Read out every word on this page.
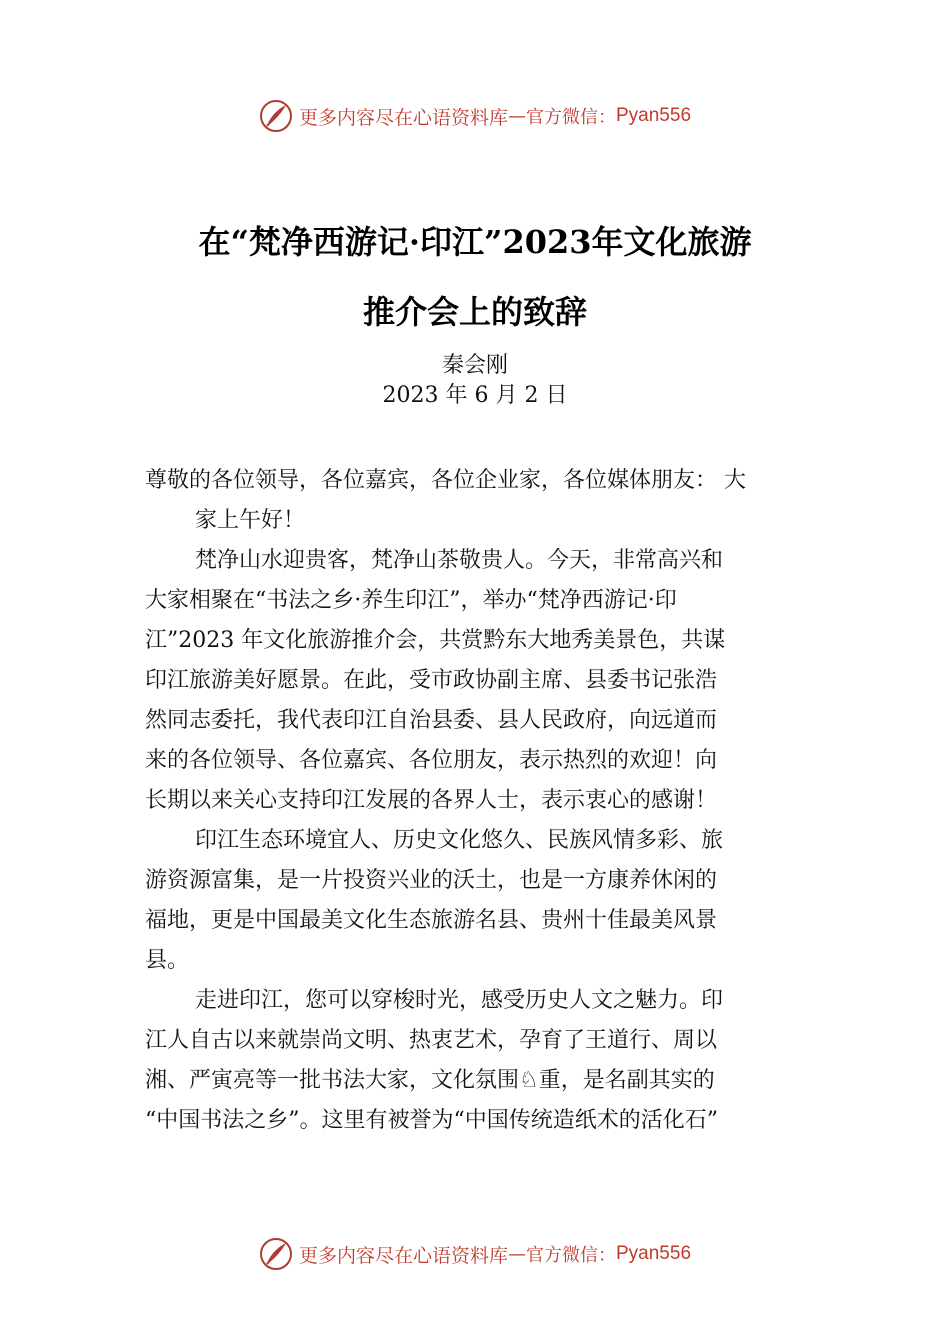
更多内容尽在心语资料库 — 官方微信： Pyan556
在“梵净西游记·印江”2023年文化旅游
推介会上的致辞
秦会刚
2023 年 6 月 2 日
尊敬的各位领导，各位嘉宾，各位企业家，各位媒体朋友： 大
家上午好！
梵净山水迎贵客，梵净山茶敬贵人。今天，非常高兴和
大家相聚在“书法之乡·养生印江”，举办“梵净西游记·印
江”2023 年文化旅游推介会，共赏黔东大地秀美景色，共谋
印江旅游美好愿景。在此，受市政协副主席、县委书记张浩
然同志委托，我代表印江自治县委、县人民政府，向远道而
来的各位领导、各位嘉宾、各位朋友，表示热烈的欢迎！向
长期以来关心支持印江发展的各界人士，表示衷心的感谢！
印江生态环境宜人、历史文化悠久、民族风情多彩、旅
游资源富集，是一片投资兴业的沃土，也是一方康养休闲的
福地，更是中国最美文化生态旅游名县、贵州十佳最美风景
县。
走进印江，您可以穿梭时光，感受历史人文之魅力。印
江人自古以来就崇尚文明、热衷艺术，孕育了王道行、周以
湘、严寅亮等一批书法大家，文化氛围♘重，是名副其实的
“中国书法之乡”。这里有被誉为“中国传统造纸术的活化石”
更多内容尽在心语资料库 — 官方微信： Pyan556
